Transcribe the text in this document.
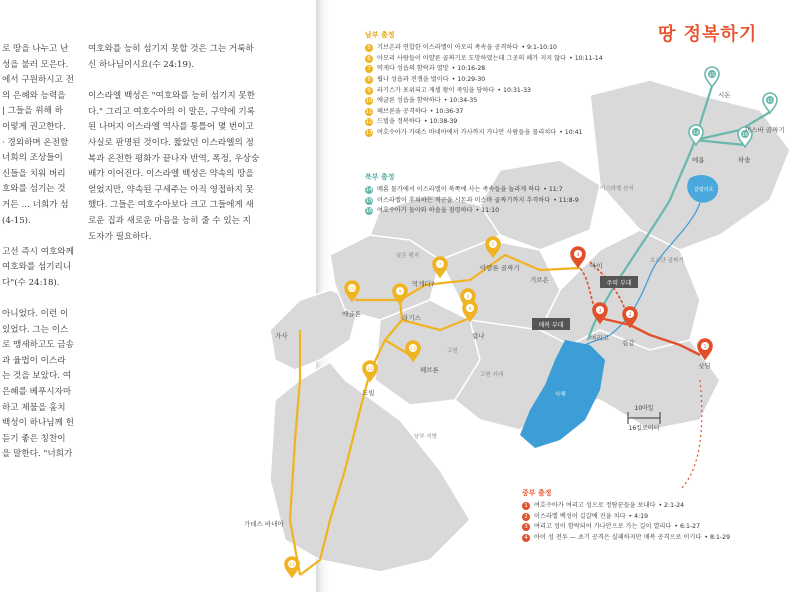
로 땅을 나누고 난

성을 불러 모은다.

​에서 구원하시고 전

의 은혜와 능력을

| 그들을 위해 하

이렇게 권고한다.

· 경외하며 온전함

너희의 조상들이

신들을 치워 버리

호와를 섬기는 것

거든 … 너희가 섬

(4-15).

고선 즉시 여호와께

여호와를 섬기리니

다"(수 24:18).

아니었다. 이런 이

있었다. 그는 이스

로 맹세하고도 금송

과 율법이 이스라

는 것을 보았다. 여

은혜를 베푸시자마

하고 제물을 훔치

백성이 하나님께 헌

듣기 좋은 칭찬이

을 말한다. "너희가

여호와를 능히 섬기지 못할 것은 그는 거룩하

신 하나님이시요(수 24:19).

이스라엘 백성은 "여호와를 능히 섬기지 못한

다." 그리고 여호수아의 이 말은, 구약에 기록

된 나머지 이스라엘 역사를 통틀어 몇 번이고

사실로 판명된 것이다. 짧았던 이스라엘의 정

복과 온전한 평화가 끝나자 반역, 폭정, 우상숭

배가 이어진다. 이스라엘 백성은 약속의 땅을

얻었지만, 약속된 구세주는 아직 영접하지 못

했다. 그들은 여호수아보다 크고 그들에게 새

로운 집과 새로운 마음을 능히 줄 수 있는 지

도자가 필요하다.

10마일
16킬로미터
5
6
7
8
9
10
11
12
13
15
15
14	16
1
2
3
4
시돈
미스바 골짜기
메롬	하솔
갈릴리호
이스라엘 산지
요르단 골짜기
기브온
아이
아얄론 골짜기
막게다?
라기스
에글론
립나
헤브론
드빌
가사
가데스 바네아
여리고
길갈
싯딤
사해
낮은 평지
고원
고원 지대
남부 지방
주력 부대
매복 부대
땅 정복하기
남부 출정
5	기브온과 연합한 이스라엘이 아모리 족속을 공격하다 • 9:1-10:10
6	아모리 사람들이 아얄론 골짜기로 도망하였는데 그곳의 해가 지지 않다 • 10:11-14
7	막게다 성읍의 함락과 멸망 • 10:16-28
8	립나 성읍과 전쟁을 벌이다 • 10:29-30
9	라기스가 포위되고 게셀 왕이 죽임을 당하다 • 10:31-33
10 에글론 성읍을 함락하다 • 10:34-35
11 헤브론을 공격하다 • 10:36-37
12 드빌을 정복하다 • 10:38-39
13 여호수아가 가데스 바네아에서 가사까지 가나안 사람들을 물리치다 • 10:41
북부 출정
14 메롬 물가에서 이스라엘이 북쪽에 사는 족속들을 놀라게 하다 • 11:7
15 이스라엘이 후퇴하는 적군을 시돈과 미스바 골짜기까지 추격하다 • 11:8-9
16 여호수아가 돌아와 하솔을 점령하다 • 11:10
중부 출정
1	여호수아가 여리고 성으로 정탐꾼들을 보내다 • 2:1-24
2	이스라엘 백성이 길갈에 진을 치다 • 4:19
3	여리고 성이 함락되어 가나안으로 가는 길이 열리다 • 6:1-27
4	아이 성 전투 — 초기 공격은 실패하지만 매복 공격으로 이기다 • 8:1-29
